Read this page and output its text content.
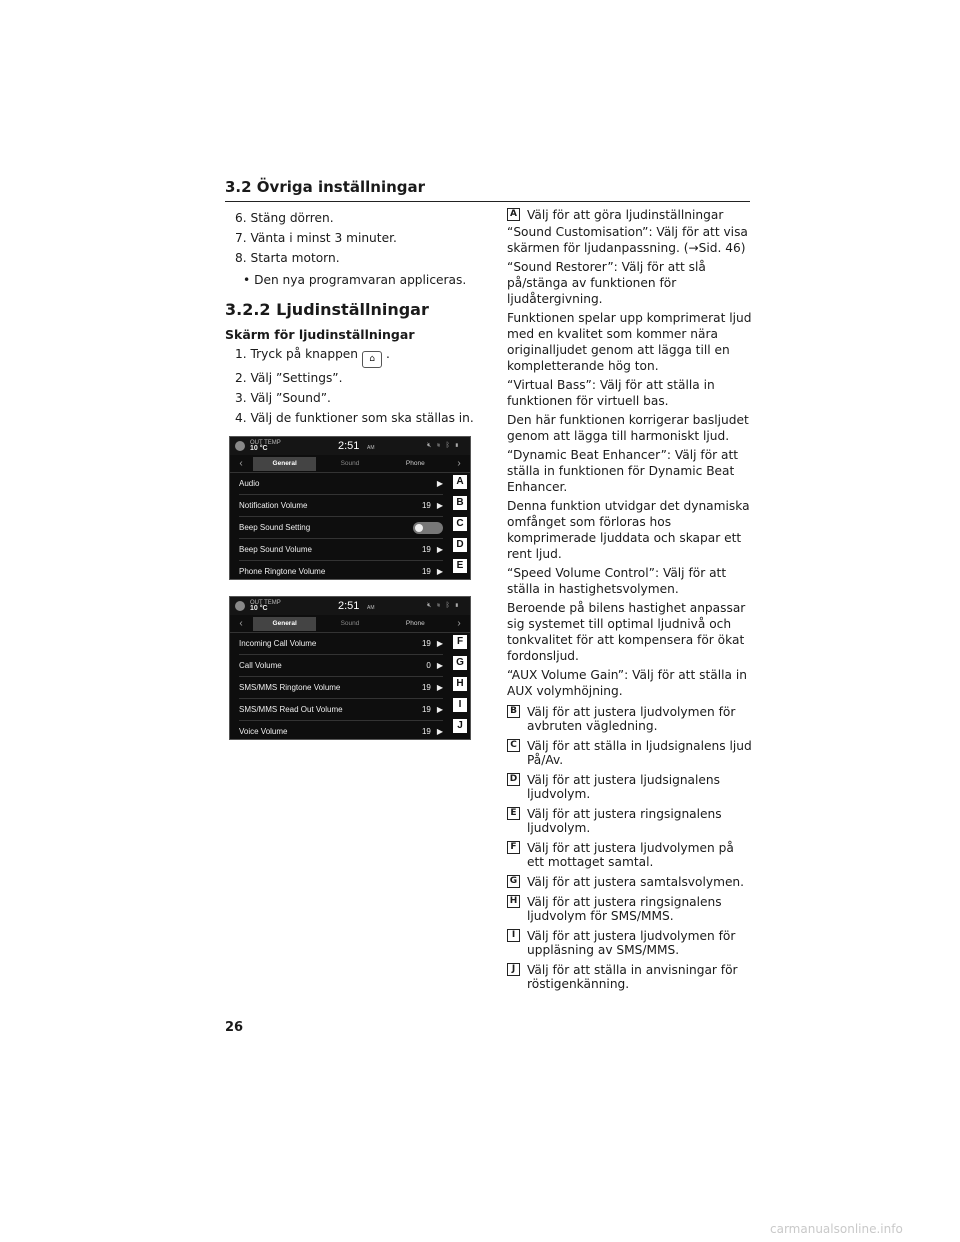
3.2 Övriga inställningar
6. Stäng dörren.
7. Vänta i minst 3 minuter.
8. Starta motorn.
• Den nya programvaran appliceras.
3.2.2 Ljudinställningar
Skärm för ljudinställningar
1. Tryck på knappen ⌂ .
2. Välj ”Settings”.
3. Välj ”Sound”.
4. Välj de funktioner som ska ställas in.
OUT TEMP
10 °C	2:51 AM	🔇︎≋ᛒ▮
‹	General	Sound	Phone	›
Audio	▶
Notification Volume	19 ▶
Beep Sound Setting
Beep Sound Volume	19 ▶
Phone Ringtone Volume	19 ▶
A
B
C
D
E
OUT TEMP
10 °C	2:51 AM	🔇︎≋ᛒ▮
‹	General	Sound	Phone	›
Incoming Call Volume	19 ▶
Call Volume	0 ▶
SMS/MMS Ringtone Volume	19 ▶
SMS/MMS Read Out Volume	19 ▶
Voice Volume	19 ▶
F
G
H
I
J
A Välj för att göra ljudinställningar
“Sound Customisation”: Välj för att visa skärmen för ljudanpassning. (→Sid. 46)
“Sound Restorer”: Välj för att slå på/stänga av funktionen för ljudåtergivning.
Funktionen spelar upp komprimerat ljud med en kvalitet som kommer nära originalljudet genom att lägga till en kompletterande hög ton.
“Virtual Bass”: Välj för att ställa in funktionen för virtuell bas.
Den här funktionen korrigerar basljudet genom att lägga till harmoniskt ljud.
“Dynamic Beat Enhancer”: Välj för att ställa in funktionen för Dynamic Beat Enhancer.
Denna funktion utvidgar det dynamiska omfånget som förloras hos komprimerade ljuddata och skapar ett rent ljud.
“Speed Volume Control”: Välj för att ställa in hastighetsvolymen.
Beroende på bilens hastighet anpassar sig systemet till optimal ljudnivå och tonkvalitet för att kompensera för ökat fordonsljud.
“AUX Volume Gain”: Välj för att ställa in AUX volymhöjning.
B Välj för att justera ljudvolymen för avbruten vägledning.
C Välj för att ställa in ljudsignalens ljud På/Av.
D Välj för att justera ljudsignalens ljudvolym.
E Välj för att justera ringsignalens ljudvolym.
F Välj för att justera ljudvolymen på ett mottaget samtal.
G Välj för att justera samtalsvolymen.
H Välj för att justera ringsignalens ljudvolym för SMS/MMS.
I Välj för att justera ljudvolymen för uppläsning av SMS/MMS.
J Välj för att ställa in anvisningar för röstigenkänning.
26
carmanualsonline.info
